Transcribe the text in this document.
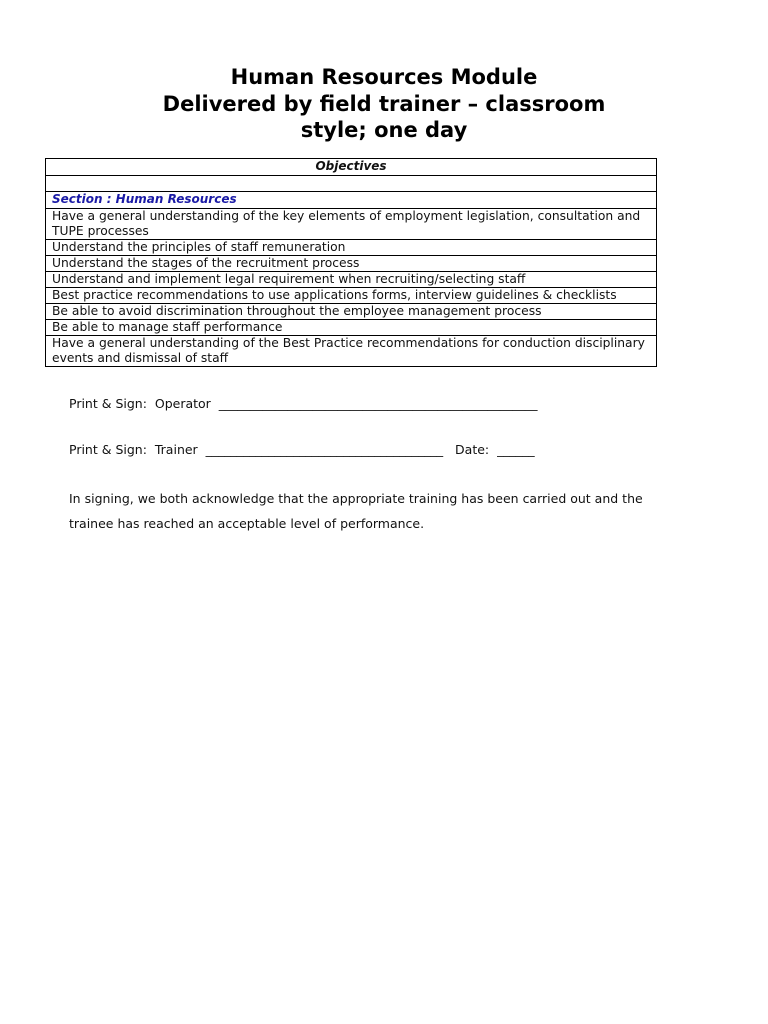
Human Resources Module
Delivered by field trainer – classroom
style; one day
Objectives

Section : Human Resources
Have a general understanding of the key elements of employment legislation, consultation and TUPE processes
Understand the principles of staff remuneration
Understand the stages of the recruitment process
Understand and implement legal requirement when recruiting/selecting staff
Best practice recommendations to use applications forms, interview guidelines & checklists
Be able to avoid discrimination throughout the employee management process
Be able to manage staff performance
Have a general understanding of the Best Practice recommendations for conduction disciplinary events and dismissal of staff
Print & Sign:  Operator  ___________________________________________________
Print & Sign:  Trainer  ______________________________________   Date:  ______
In signing, we both acknowledge that the appropriate training has been carried out and the trainee has reached an acceptable level of performance.
